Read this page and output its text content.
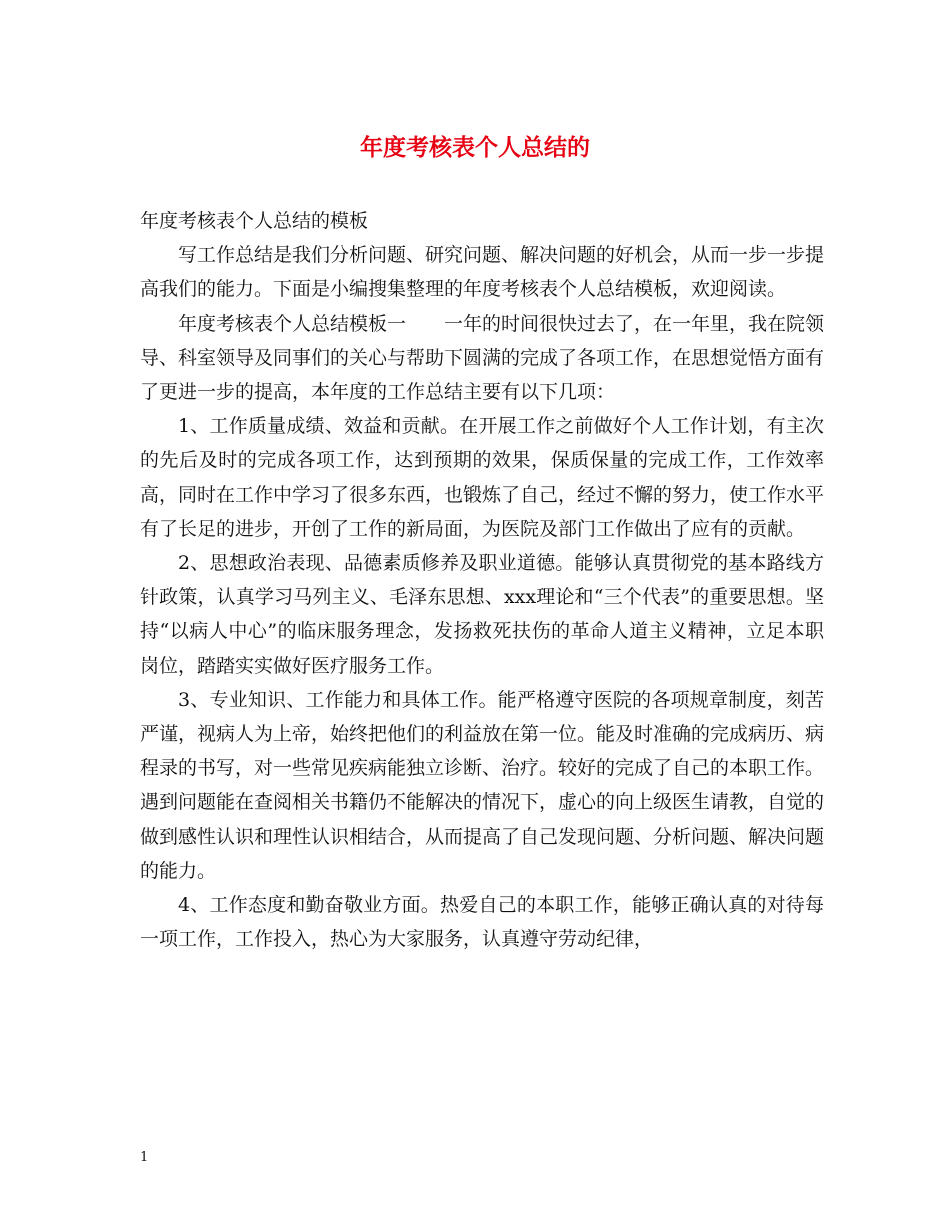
年度考核表个人总结的

年度考核表个人总结的模板

写工作总结是我们分析问题、研究问题、解决问题的好机会，从而一步一步提高我们的能力。下面是小编搜集整理的年度考核表个人总结模板，欢迎阅读。

年度考核表个人总结模板一　　一年的时间很快过去了，在一年里，我在院领导、科室领导及同事们的关心与帮助下圆满的完成了各项工作，在思想觉悟方面有了更进一步的提高，本年度的工作总结主要有以下几项：

1、工作质量成绩、效益和贡献。在开展工作之前做好个人工作计划，有主次的先后及时的完成各项工作，达到预期的效果，保质保量的完成工作，工作效率高，同时在工作中学习了很多东西，也锻炼了自己，经过不懈的努力，使工作水平有了长足的进步，开创了工作的新局面，为医院及部门工作做出了应有的贡献。

2、思想政治表现、品德素质修养及职业道德。能够认真贯彻党的基本路线方针政策，认真学习马列主义、毛泽东思想、xxx理论和“三个代表”的重要思想。坚持“以病人中心”的临床服务理念，发扬救死扶伤的革命人道主义精神，立足本职岗位，踏踏实实做好医疗服务工作。

3、专业知识、工作能力和具体工作。能严格遵守医院的各项规章制度，刻苦严谨，视病人为上帝，始终把他们的利益放在第一位。能及时准确的完成病历、病程录的书写，对一些常见疾病能独立诊断、治疗。较好的完成了自己的本职工作。遇到问题能在查阅相关书籍仍不能解决的情况下，虚心的向上级医生请教，自觉的做到感性认识和理性认识相结合，从而提高了自己发现问题、分析问题、解决问题的能力。

4、工作态度和勤奋敬业方面。热爱自己的本职工作，能够正确认真的对待每一项工作，工作投入，热心为大家服务，认真遵守劳动纪律，

1
